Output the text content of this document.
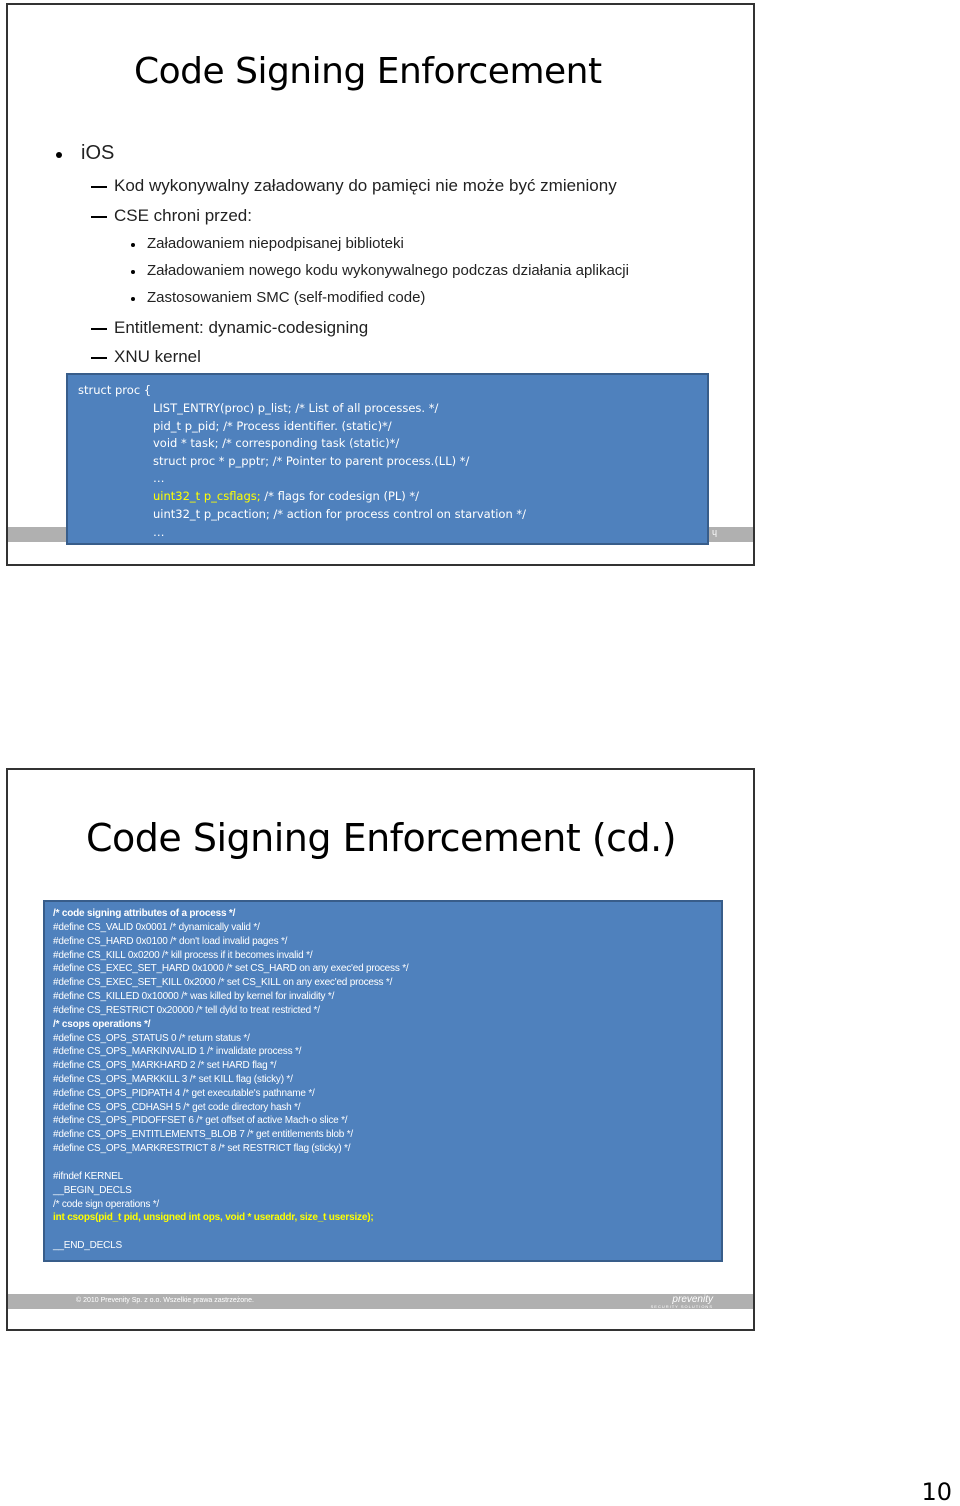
Code Signing Enforcement
iOS
Kod wykonywalny załadowany do pamięci nie może być zmieniony
CSE chroni przed:
Załadowaniem niepodpisanej biblioteki
Załadowaniem nowego kodu wykonywalnego podczas działania aplikacji
Zastosowaniem SMC (self-modified code)
Entitlement: dynamic-codesigning
XNU kernel
ɥ
struct proc {
LIST_ENTRY(proc) p_list; /* List of all processes. */
pid_t p_pid; /* Process identifier. (static)*/
void * task; /* corresponding task (static)*/
struct proc * p_pptr; /* Pointer to parent process.(LL) */
…
uint32_t p_csflags; /* flags for codesign (PL) */
uint32_t p_pcaction; /* action for process control on starvation */
…
Code Signing Enforcement (cd.)
/* code signing attributes of a process */
#define CS_VALID 0x0001 /* dynamically valid */
#define CS_HARD 0x0100 /* don't load invalid pages */
#define CS_KILL 0x0200 /* kill process if it becomes invalid */
#define CS_EXEC_SET_HARD 0x1000 /* set CS_HARD on any exec'ed process */
#define CS_EXEC_SET_KILL 0x2000 /* set CS_KILL on any exec'ed process */
#define CS_KILLED 0x10000 /* was killed by kernel for invalidity */
#define CS_RESTRICT 0x20000 /* tell dyld to treat restricted */
/* csops operations */
#define CS_OPS_STATUS 0 /* return status */
#define CS_OPS_MARKINVALID 1 /* invalidate process */
#define CS_OPS_MARKHARD 2 /* set HARD flag */
#define CS_OPS_MARKKILL 3 /* set KILL flag (sticky) */
#define CS_OPS_PIDPATH 4 /* get executable's pathname */
#define CS_OPS_CDHASH 5 /* get code directory hash */
#define CS_OPS_PIDOFFSET 6 /* get offset of active Mach-o slice */
#define CS_OPS_ENTITLEMENTS_BLOB 7 /* get entitlements blob */
#define CS_OPS_MARKRESTRICT 8 /* set RESTRICT flag (sticky) */
#ifndef KERNEL
__BEGIN_DECLS
/* code sign operations */
int csops(pid_t pid, unsigned int ops, void * useraddr, size_t usersize);
__END_DECLS
© 2010 Prevenity Sp. z o.o. Wszelkie prawa zastrzeżone.	prevenity
SECURITY SOLUTIONS
10
